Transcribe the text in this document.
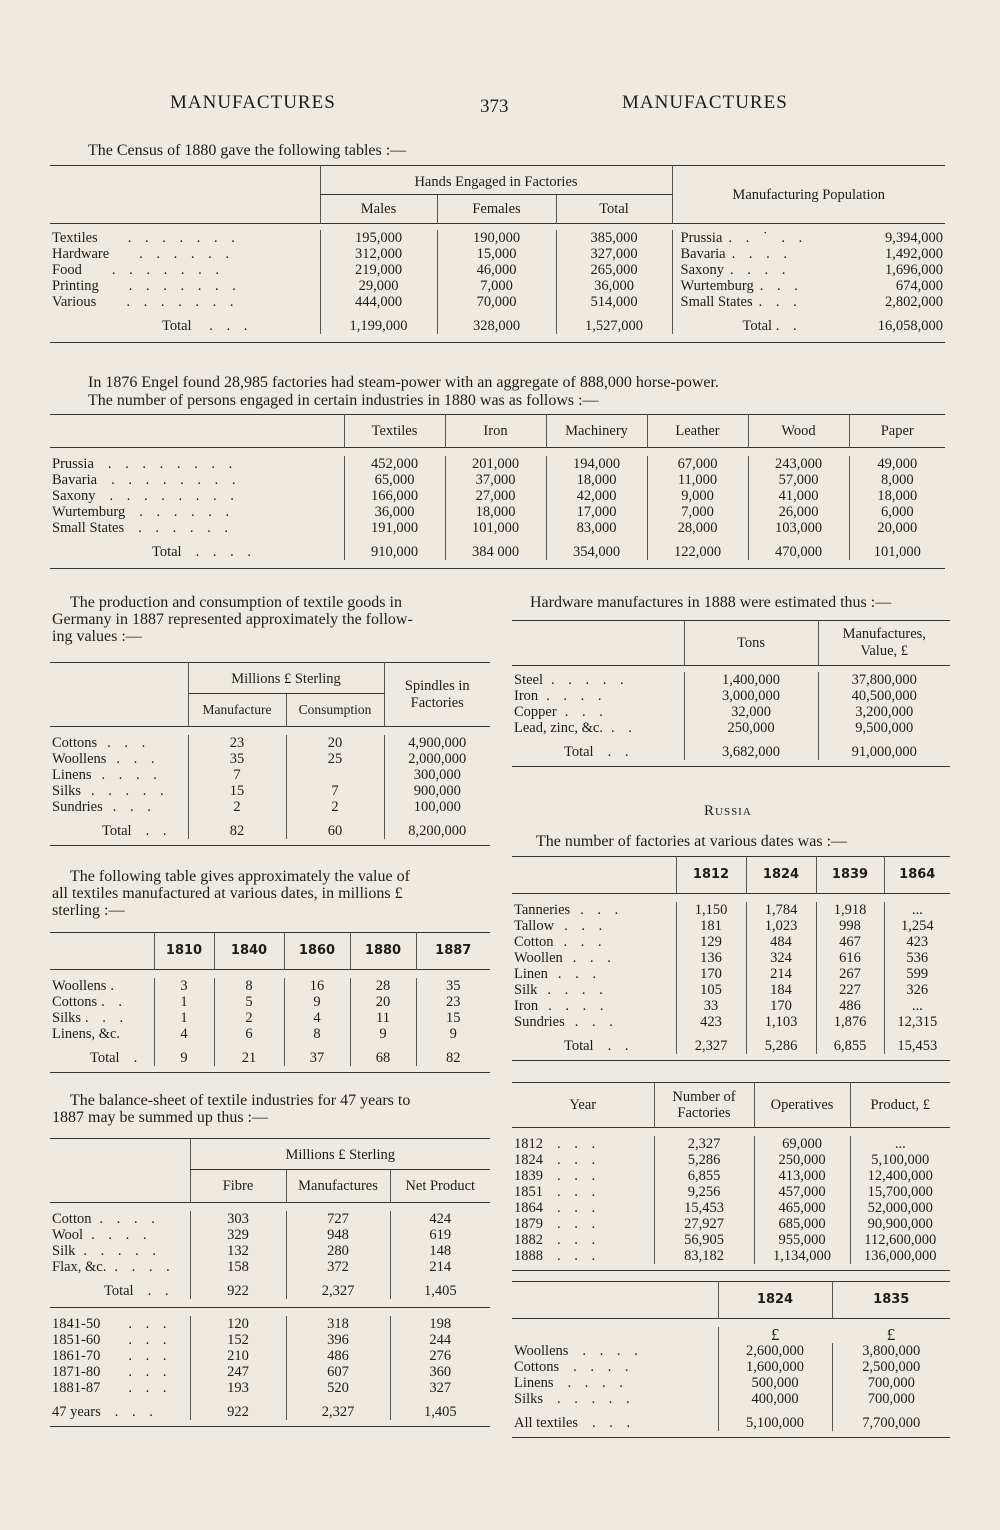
MANUFACTURES	373	MANUFACTURES
The Census of 1880 gave the following tables :—
	Hands Engaged in Factories			Manufacturing Population	
	Males	Females	Total		

Textiles . . . . . . .	195,000	190,000	385,000	Prussia . . ˙ . .	9,394,000
Hardware . . . . . .	312,000	15,000	327,000	Bavaria . . . .	1,492,000
Food . . . . . . .	219,000	46,000	265,000	Saxony . . . .	1,696,000
Printing . . . . . . .	29,000	7,000	36,000	Wurtemburg . . .	674,000
Various . . . . . . .	444,000	70,000	514,000	Small States . . .	2,802,000
Total . . .	1,199,000	328,000	1,527,000	Total . .	16,058,000

In 1876 Engel found 28,985 factories had steam-power with an aggregate of 888,000 horse-power.
The number of persons engaged in certain industries in 1880 was as follows :—
	Textiles	Iron	Machinery	Leather	Wood	Paper

Prussia . . . . . . . .	452,000	201,000	194,000	67,000	243,000	49,000
Bavaria . . . . . . . .	65,000	37,000	18,000	11,000	57,000	8,000
Saxony . . . . . . . .	166,000	27,000	42,000	9,000	41,000	18,000
Wurtemburg . . . . . .	36,000	18,000	17,000	7,000	26,000	6,000
Small States . . . . . .	191,000	101,000	83,000	28,000	103,000	20,000
Total . . . .	910,000	384 000	354,000	122,000	470,000	101,000

The production and consumption of textile goods in
Germany in 1887 represented approximately the follow-
ing values :—
	Millions £ Sterling		Spindles in Factories
	Manufacture	Consumption	

Cottons . . .	23	20	4,900,000
Woollens . . .	35	25	2,000,000
Linens . . . .	7		300,000
Silks . . . . .	15	7	900,000
Sundries . . .	2	2	100,000
Total . .	82	60	8,200,000

The following table gives approximately the value of
all textiles manufactured at various dates, in millions £
sterling :—
	1810	1840	1860	1880	1887

Woollens .	3	8	16	28	35
Cottons . .	1	5	9	20	23
Silks . . .	1	2	4	11	15
Linens, &c.	4	6	8	9	9
Total .	9	21	37	68	82

The balance-sheet of textile industries for 47 years to
1887 may be summed up thus :—
	Millions £ Sterling		
	Fibre	Manufactures	Net Product

Cotton . . . .	303	727	424
Wool . . . .	329	948	619
Silk . . . . .	132	280	148
Flax, &c. . . . .	158	372	214
Total . .	922	2,327	1,405

1841-50 . . .	120	318	198
1851-60 . . .	152	396	244
1861-70 . . .	210	486	276
1871-80 . . .	247	607	360
1881-87 . . .	193	520	327
47 years . . .	922	2,327	1,405

Hardware manufactures in 1888 were estimated thus :—
	Tons	Manufactures, Value, £

Steel . . . . .	1,400,000	37,800,000
Iron . . . .	3,000,000	40,500,000
Copper . . .	32,000	3,200,000
Lead, zinc, &c. . .	250,000	9,500,000
Total . .	3,682,000	91,000,000

Russia
The number of factories at various dates was :—
	1812	1824	1839	1864

Tanneries . . .	1,150	1,784	1,918	...
Tallow . . .	181	1,023	998	1,254
Cotton . . .	129	484	467	423
Woollen . . .	136	324	616	536
Linen . . .	170	214	267	599
Silk . . . .	105	184	227	326
Iron . . . .	33	170	486	...
Sundries . . .	423	1,103	1,876	12,315
Total . .	2,327	5,286	6,855	15,453

Year	Number of Factories	Operatives	Product, £

1812 . . .	2,327	69,000	...
1824 . . .	5,286	250,000	5,100,000
1839 . . .	6,855	413,000	12,400,000
1851 . . .	9,256	457,000	15,700,000
1864 . . .	15,453	465,000	52,000,000
1879 . . .	27,927	685,000	90,900,000
1882 . . .	56,905	955,000	112,600,000
1888 . . .	83,182	1,134,000	136,000,000

	1824	1835

	£	£
Woollens . . . .	2,600,000	3,800,000
Cottons . . . .	1,600,000	2,500,000
Linens . . . .	500,000	700,000
Silks . . . . .	400,000	700,000
All textiles . . .	5,100,000	7,700,000
